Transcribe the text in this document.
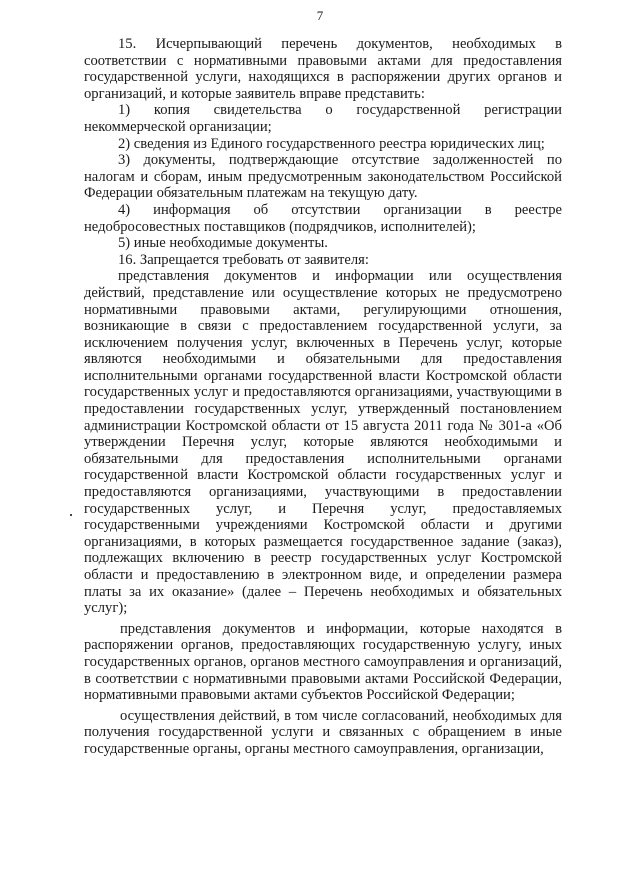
7

15. Исчерпывающий перечень документов, необходимых в соответствии с нормативными правовыми актами для предоставления государственной услуги, находящихся в распоряжении других органов и организаций, и которые заявитель вправе представить:

1) копия свидетельства о государственной регистрации некоммерческой организации;

2) сведения из Единого государственного реестра юридических лиц;

3) документы, подтверждающие отсутствие задолженностей по налогам и сборам, иным предусмотренным законодательством Российской Федерации обязательным платежам на текущую дату.

4) информация об отсутствии организации в реестре недобросовестных поставщиков (подрядчиков, исполнителей);

5) иные необходимые документы.

16. Запрещается требовать от заявителя:

представления документов и информации или осуществления действий, представление или осуществление которых не предусмотрено нормативными правовыми актами, регулирующими отношения, возникающие в связи с предоставлением государственной услуги, за исключением получения услуг, включенных в Перечень услуг, которые являются необходимыми и обязательными для предоставления исполнительными органами государственной власти Костромской области государственных услуг и предоставляются организациями, участвующими в предоставлении государственных услуг, утвержденный постановлением администрации Костромской области от 15 августа 2011 года № 301-а «Об утверждении Перечня услуг, которые являются необходимыми и обязательными для предоставления исполнительными органами государственной власти Костромской области государственных услуг и предоставляются организациями, участвующими в предоставлении государственных услуг, и Перечня услуг, предоставляемых государственными учреждениями Костромской области и другими организациями, в которых размещается государственное задание (заказ), подлежащих включению в реестр государственных услуг Костромской области и предоставлению в электронном виде, и определении размера платы за их оказание» (далее – Перечень необходимых и обязательных услуг);

представления документов и информации, которые находятся в распоряжении органов, предоставляющих государственную услугу, иных государственных органов, органов местного самоуправления и организаций, в соответствии с нормативными правовыми актами Российской Федерации, нормативными правовыми актами субъектов Российской Федерации;

осуществления действий, в том числе согласований, необходимых для получения государственной услуги и связанных с обращением в иные государственные органы, органы местного самоуправления, организации,
